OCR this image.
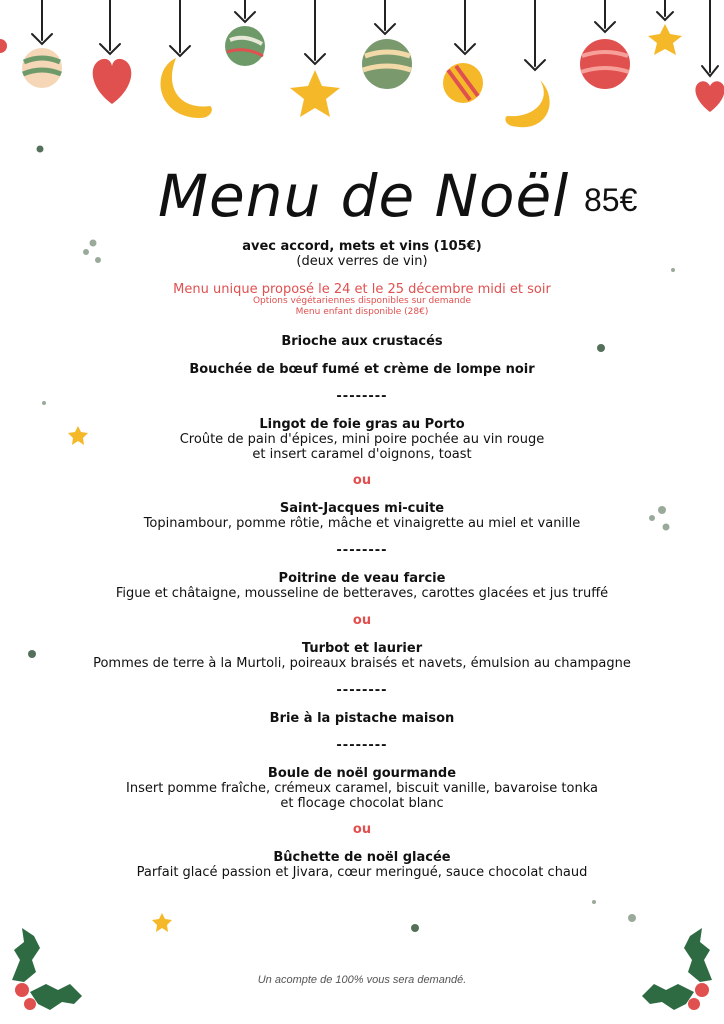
Menu de Noël 85€
avec accord, mets et vins (105€)
(deux verres de vin)
Menu unique proposé le 24 et le 25 décembre midi et soir
Options végétariennes disponibles sur demande
Menu enfant disponible (28€)
Brioche aux crustacés
Bouchée de bœuf fumé et crème de lompe noir
--------
Lingot de foie gras au Porto
Croûte de pain d'épices, mini poire pochée au vin rouge
et insert caramel d'oignons, toast
ou
Saint-Jacques mi-cuite
Topinambour, pomme rôtie, mâche et vinaigrette au miel et vanille
--------
Poitrine de veau farcie
Figue et châtaigne, mousseline de betteraves, carottes glacées et jus truffé
ou
Turbot et laurier
Pommes de terre à la Murtoli, poireaux braisés et navets, émulsion au champagne
--------
Brie à la pistache maison
--------
Boule de noël gourmande
Insert pomme fraîche, crémeux caramel, biscuit vanille, bavaroise tonka
et flocage chocolat blanc
ou
Bûchette de noël glacée
Parfait glacé passion et Jivara, cœur meringué, sauce chocolat chaud
Un acompte de 100% vous sera demandé.
